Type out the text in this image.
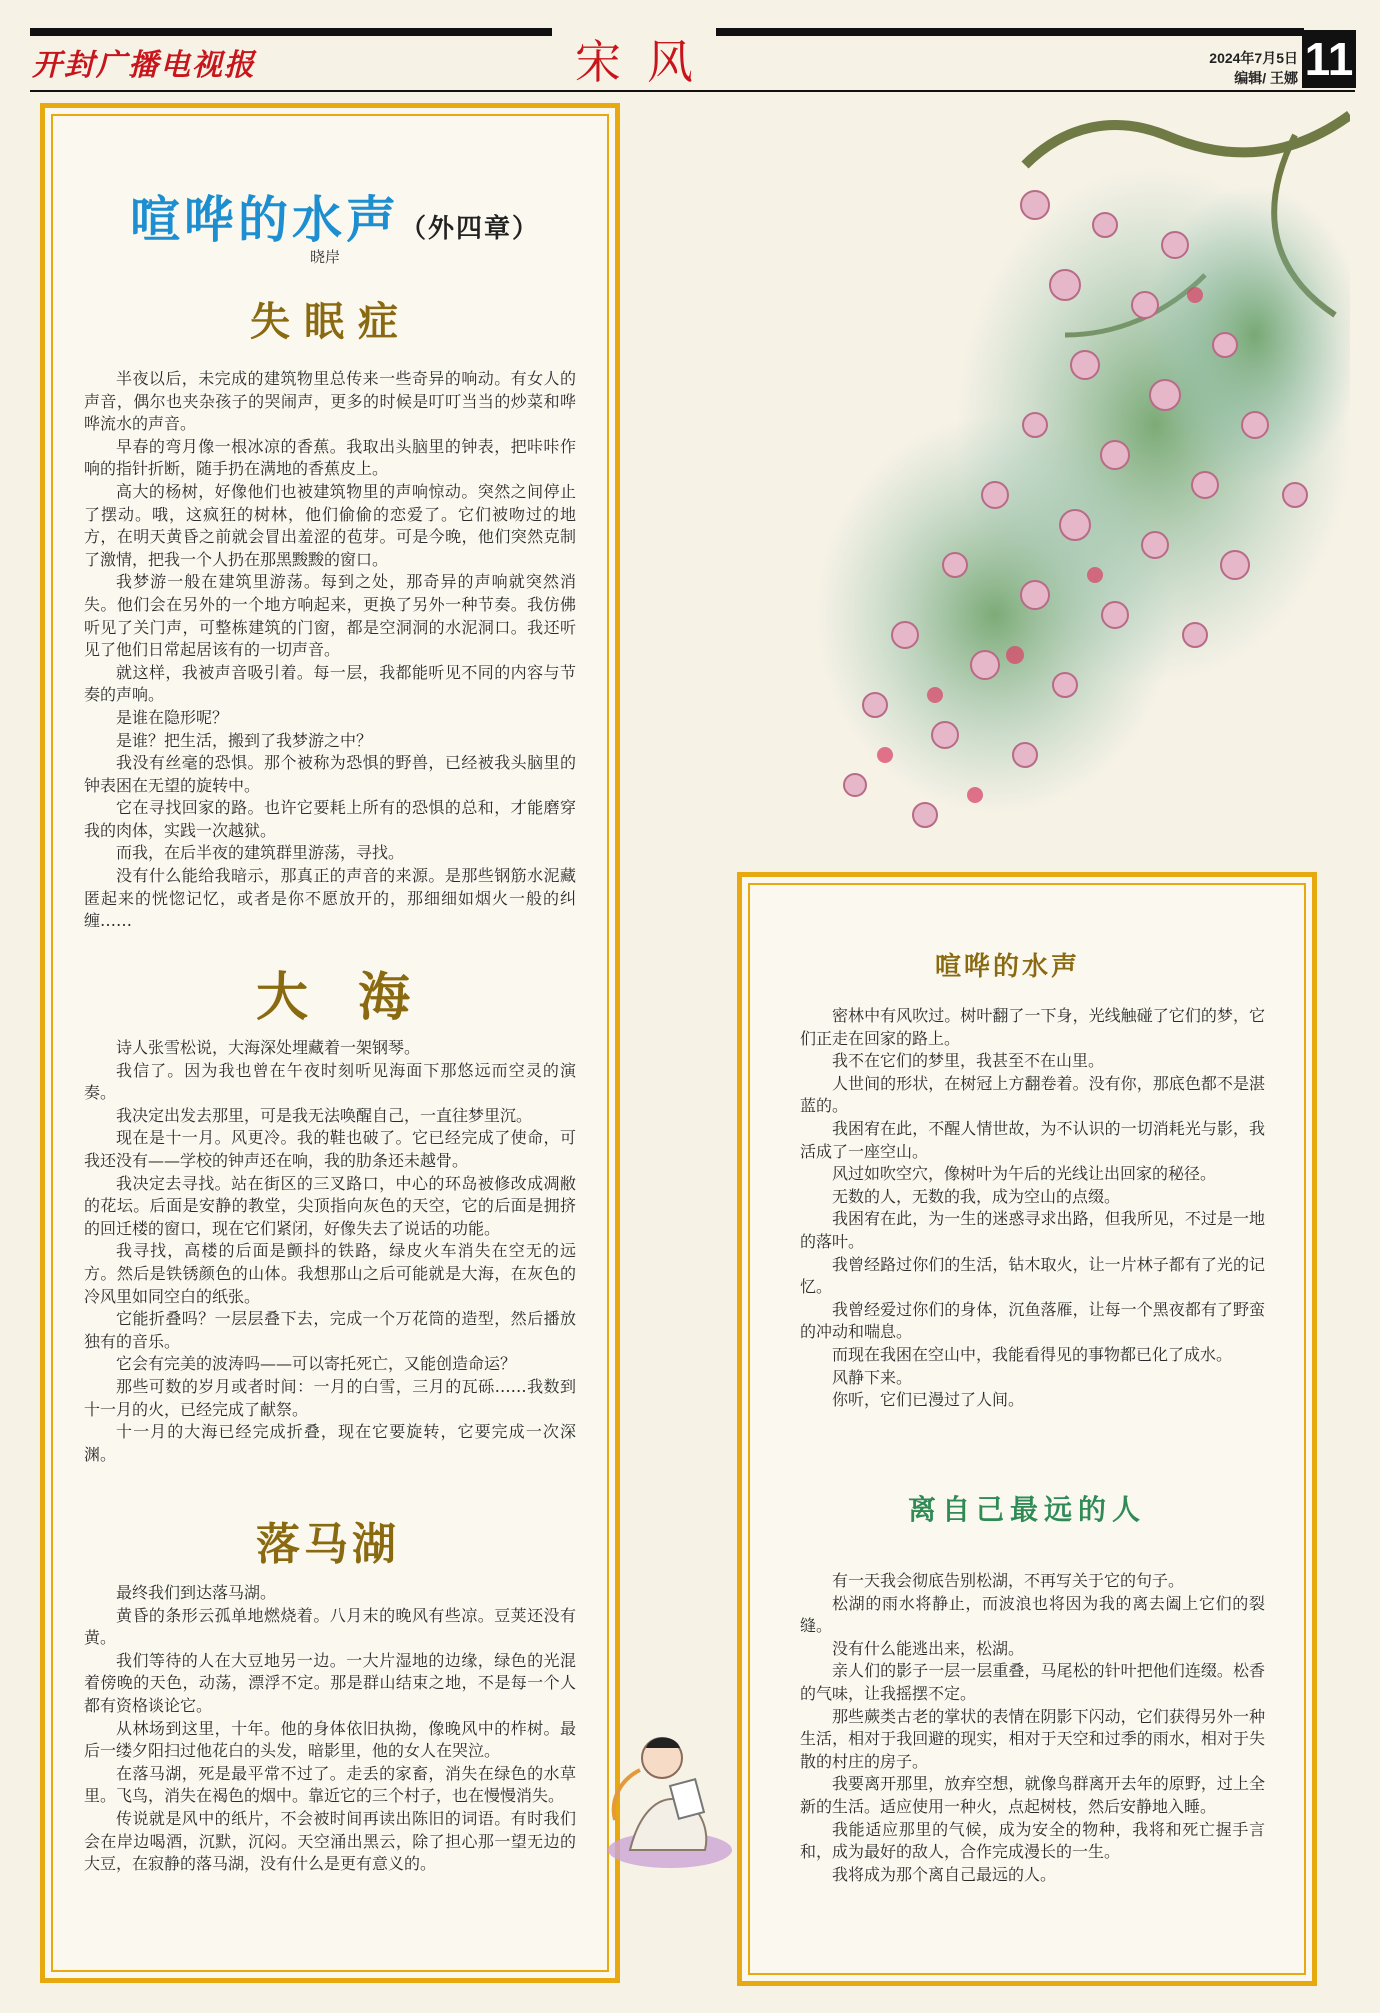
开封广播电视报	宋风	2024年7月5日
编辑/ 王娜 11
喧哗的水声（外四章）
晓岸
失眠症

半夜以后，未完成的建筑物里总传来一些奇异的响动。有女人的声音，偶尔也夹杂孩子的哭闹声，更多的时候是叮叮当当的炒菜和哗哗流水的声音。

早春的弯月像一根冰凉的香蕉。我取出头脑里的钟表，把咔咔作响的指针折断，随手扔在满地的香蕉皮上。

高大的杨树，好像他们也被建筑物里的声响惊动。突然之间停止了摆动。哦，这疯狂的树林，他们偷偷的恋爱了。它们被吻过的地方，在明天黄昏之前就会冒出羞涩的苞芽。可是今晚，他们突然克制了激情，把我一个人扔在那黑黢黢的窗口。

我梦游一般在建筑里游荡。每到之处，那奇异的声响就突然消失。他们会在另外的一个地方响起来，更换了另外一种节奏。我仿佛听见了关门声，可整栋建筑的门窗，都是空洞洞的水泥洞口。我还听见了他们日常起居该有的一切声音。

就这样，我被声音吸引着。每一层，我都能听见不同的内容与节奏的声响。

是谁在隐形呢？

是谁？把生活，搬到了我梦游之中？

我没有丝毫的恐惧。那个被称为恐惧的野兽，已经被我头脑里的钟表困在无望的旋转中。

它在寻找回家的路。也许它要耗上所有的恐惧的总和，才能磨穿我的肉体，实践一次越狱。

而我，在后半夜的建筑群里游荡，寻找。

没有什么能给我暗示，那真正的声音的来源。是那些钢筋水泥藏匿起来的恍惚记忆，或者是你不愿放开的，那细细如烟火一般的纠缠……

大海

诗人张雪松说，大海深处埋藏着一架钢琴。

我信了。因为我也曾在午夜时刻听见海面下那悠远而空灵的演奏。

我决定出发去那里，可是我无法唤醒自己，一直往梦里沉。

现在是十一月。风更冷。我的鞋也破了。它已经完成了使命，可我还没有——学校的钟声还在响，我的肋条还未越骨。

我决定去寻找。站在街区的三叉路口，中心的环岛被修改成凋敝的花坛。后面是安静的教堂，尖顶指向灰色的天空，它的后面是拥挤的回迁楼的窗口，现在它们紧闭，好像失去了说话的功能。

我寻找，高楼的后面是颤抖的铁路，绿皮火车消失在空无的远方。然后是铁锈颜色的山体。我想那山之后可能就是大海，在灰色的冷风里如同空白的纸张。

它能折叠吗？一层层叠下去，完成一个万花筒的造型，然后播放独有的音乐。

它会有完美的波涛吗——可以寄托死亡，又能创造命运？

那些可数的岁月或者时间：一月的白雪，三月的瓦砾……我数到十一月的火，已经完成了献祭。

十一月的大海已经完成折叠，现在它要旋转，它要完成一次深渊。

落马湖

最终我们到达落马湖。

黄昏的条形云孤单地燃烧着。八月末的晚风有些凉。豆荚还没有黄。

我们等待的人在大豆地另一边。一大片湿地的边缘，绿色的光混着傍晚的天色，动荡，漂浮不定。那是群山结束之地，不是每一个人都有资格谈论它。

从林场到这里，十年。他的身体依旧执拗，像晚风中的柞树。最后一缕夕阳扫过他花白的头发，暗影里，他的女人在哭泣。

在落马湖，死是最平常不过了。走丢的家畜，消失在绿色的水草里。飞鸟，消失在褐色的烟中。靠近它的三个村子，也在慢慢消失。

传说就是风中的纸片，不会被时间再读出陈旧的词语。有时我们会在岸边喝酒，沉默，沉闷。天空涌出黑云，除了担心那一望无边的大豆，在寂静的落马湖，没有什么是更有意义的。

喧哗的水声

密林中有风吹过。树叶翻了一下身，光线触碰了它们的梦，它们正走在回家的路上。

我不在它们的梦里，我甚至不在山里。

人世间的形状，在树冠上方翻卷着。没有你，那底色都不是湛蓝的。

我困宥在此，不醒人情世故，为不认识的一切消耗光与影，我活成了一座空山。

风过如吹空穴，像树叶为午后的光线让出回家的秘径。

无数的人，无数的我，成为空山的点缀。

我困宥在此，为一生的迷惑寻求出路，但我所见，不过是一地的落叶。

我曾经路过你们的生活，钻木取火，让一片林子都有了光的记忆。

我曾经爱过你们的身体，沉鱼落雁，让每一个黑夜都有了野蛮的冲动和喘息。

而现在我困在空山中，我能看得见的事物都已化了成水。

风静下来。

你听，它们已漫过了人间。

离自己最远的人

有一天我会彻底告别松湖，不再写关于它的句子。

松湖的雨水将静止，而波浪也将因为我的离去阖上它们的裂缝。

没有什么能逃出来，松湖。

亲人们的影子一层一层重叠，马尾松的针叶把他们连缀。松香的气味，让我摇摆不定。

那些蕨类古老的掌状的表情在阴影下闪动，它们获得另外一种生活，相对于我回避的现实，相对于天空和过季的雨水，相对于失散的村庄的房子。

我要离开那里，放弃空想，就像鸟群离开去年的原野，过上全新的生活。适应使用一种火，点起树枝，然后安静地入睡。

我能适应那里的气候，成为安全的物种，我将和死亡握手言和，成为最好的敌人，合作完成漫长的一生。

我将成为那个离自己最远的人。
